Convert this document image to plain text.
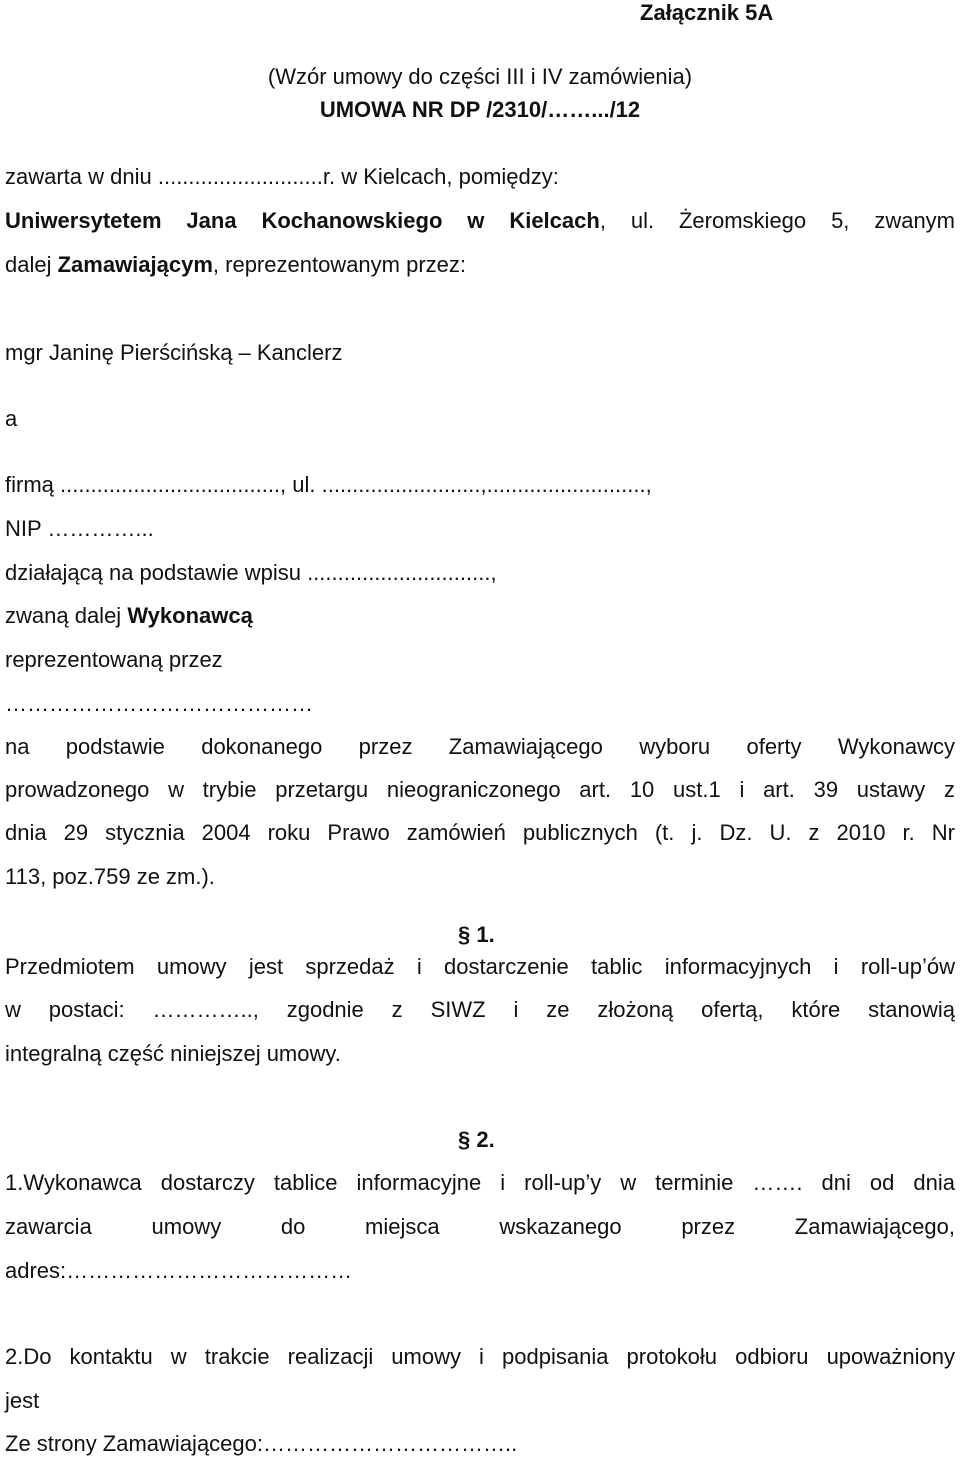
Załącznik 5A
(Wzór umowy do części III i IV zamówienia)
UMOWA NR DP /2310/…….../12
zawarta w dniu ...........................r. w Kielcach, pomiędzy:
Uniwersytetem Jana Kochanowskiego w Kielcach, ul. Żeromskiego 5, zwanym
dalej Zamawiającym, reprezentowanym przez:
mgr Janinę Pierścińską – Kanclerz
a
firmą ...................................., ul. ..........................,..........................,
NIP …………...
działającą na podstawie wpisu ..............................,
zwaną dalej Wykonawcą
reprezentowaną przez
……………………………………
na podstawie dokonanego przez Zamawiającego wyboru oferty Wykonawcy
prowadzonego w trybie przetargu nieograniczonego art. 10 ust.1 i art. 39 ustawy z
dnia 29 stycznia 2004 roku Prawo zamówień publicznych (t. j. Dz. U. z 2010 r. Nr
113, poz.759 ze zm.).
§ 1.
Przedmiotem umowy jest sprzedaż i dostarczenie tablic informacyjnych i roll-up’ów
w postaci: ………….., zgodnie z SIWZ i ze złożoną ofertą, które stanowią
integralną część niniejszej umowy.
§ 2.
1.Wykonawca dostarczy tablice informacyjne i roll-up’y w terminie ……. dni od dnia
zawarcia umowy do miejsca wskazanego przez Zamawiającego,
adres:…………………………………
2.Do kontaktu w trakcie realizacji umowy i podpisania protokołu odbioru upoważniony
jest
Ze strony Zamawiającego:……………………………..
